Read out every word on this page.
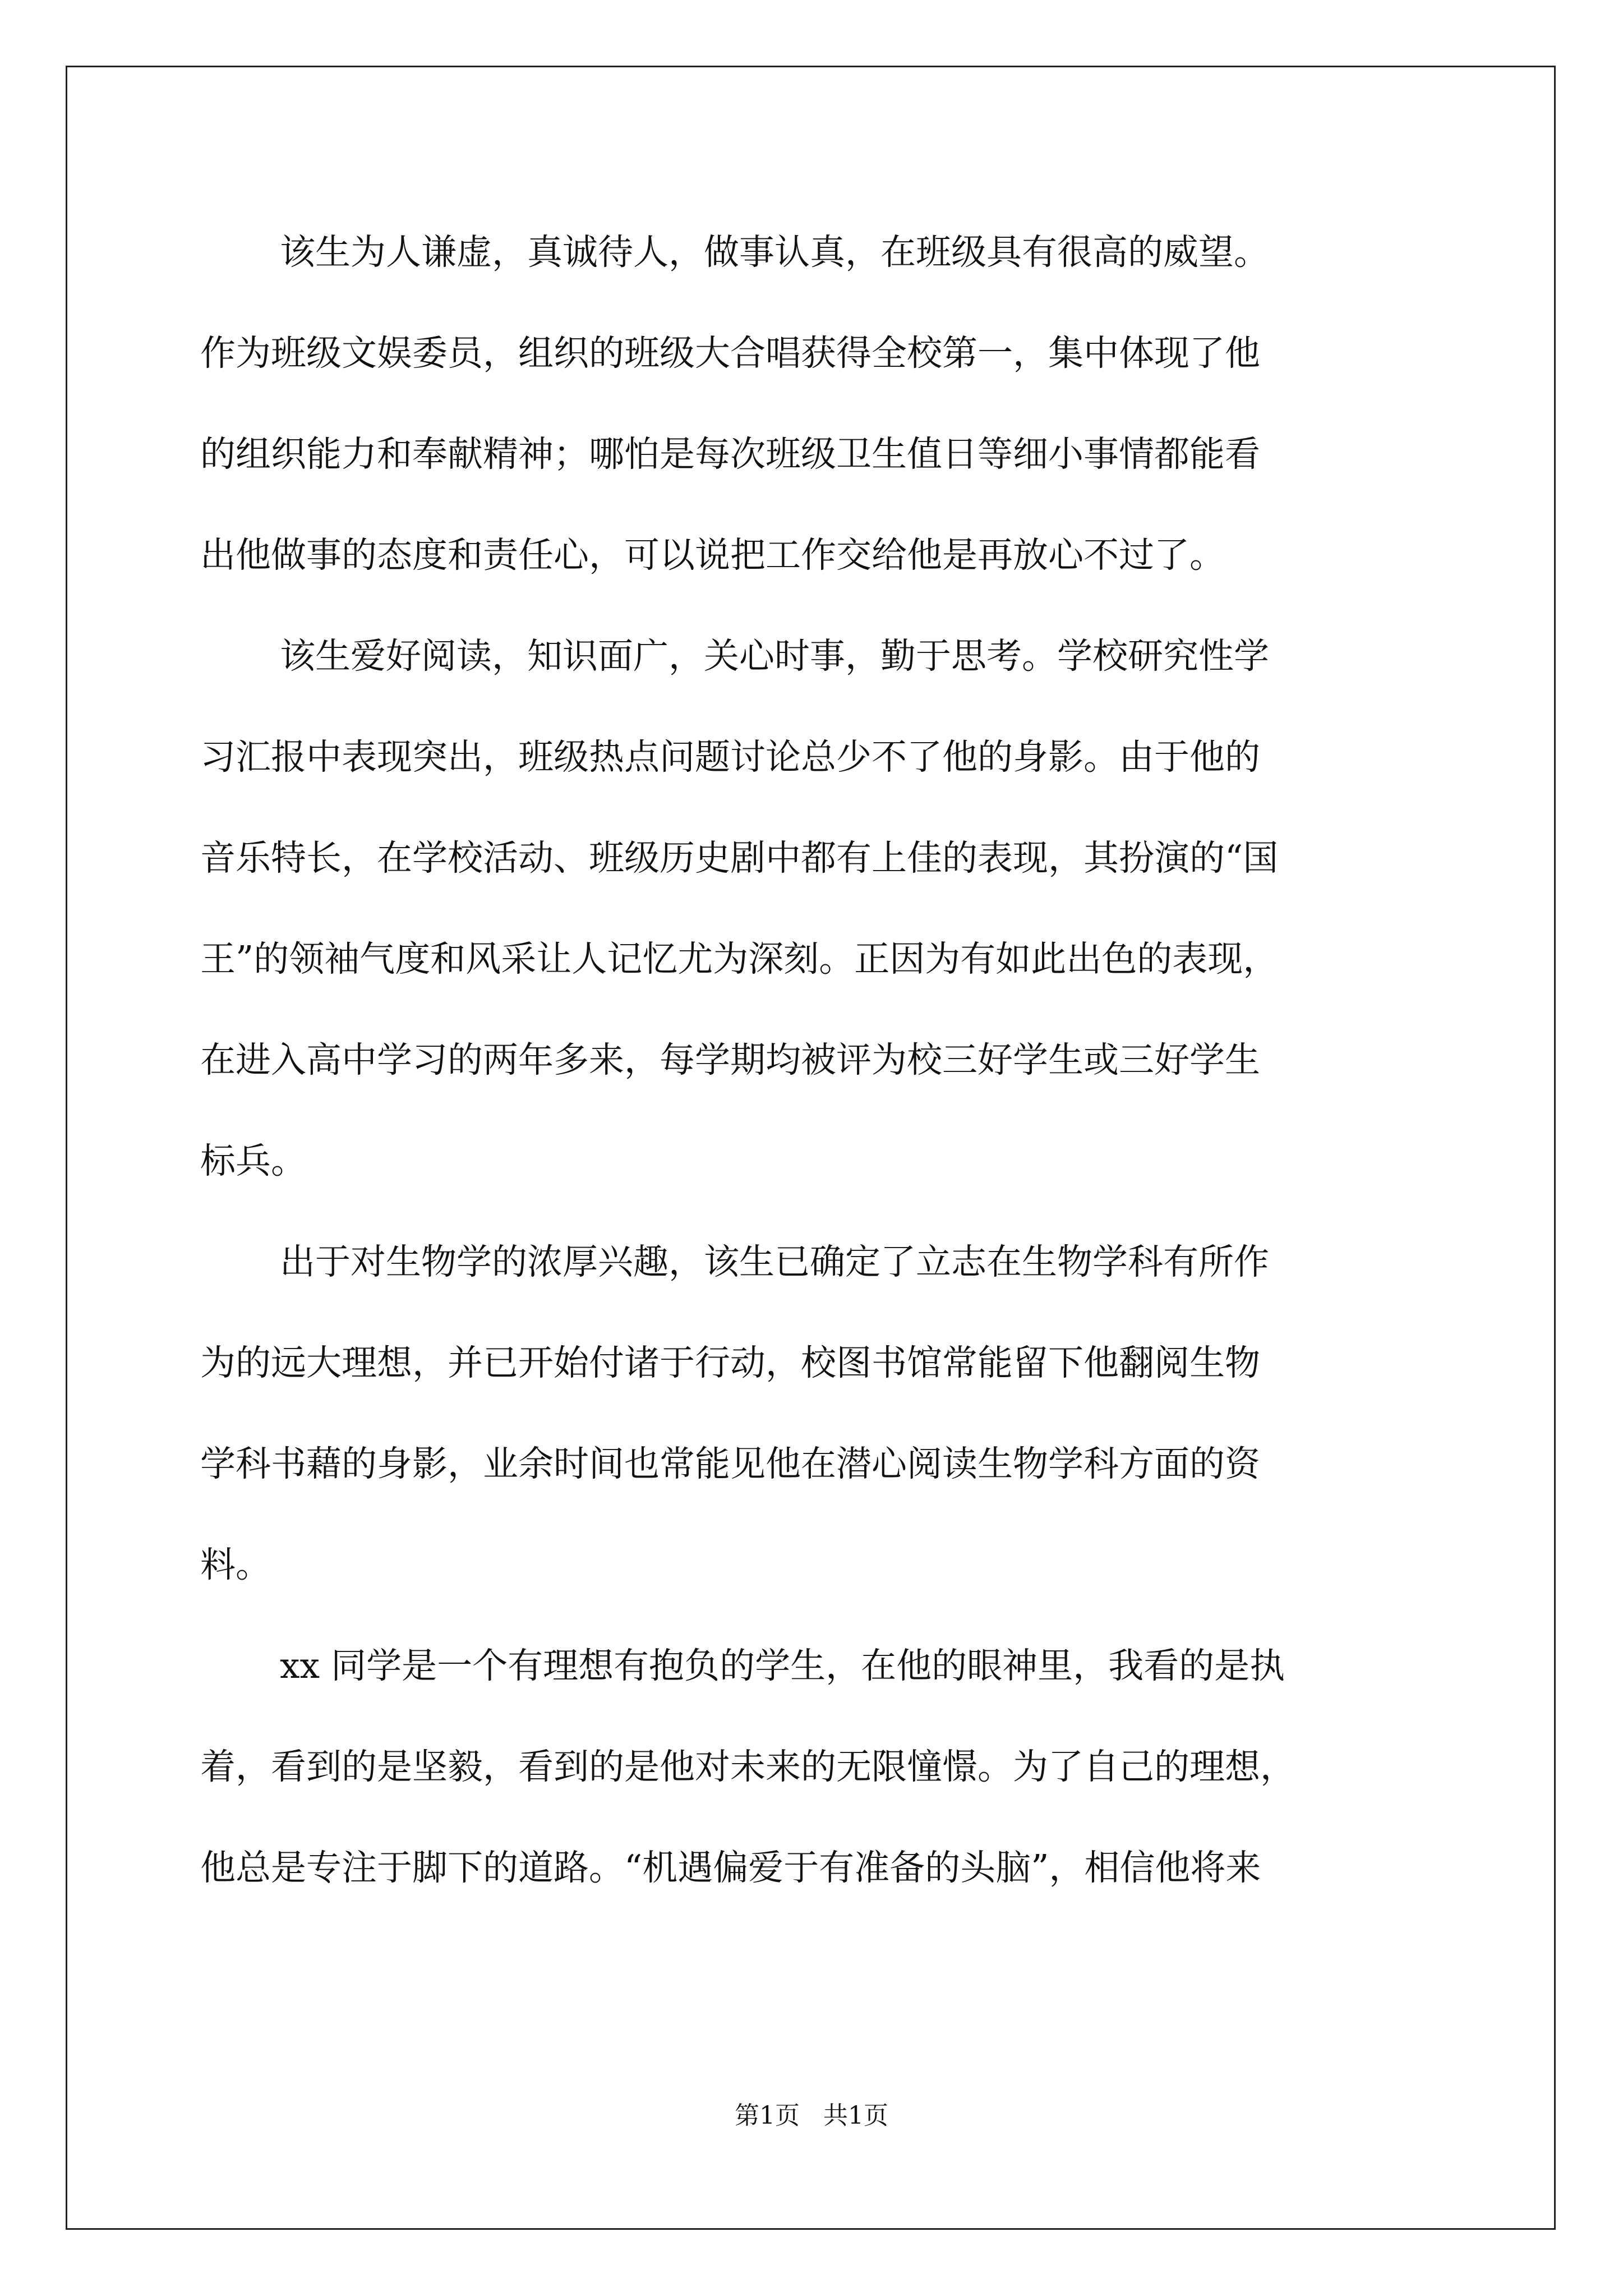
该生为人谦虚，真诚待人，做事认真，在班级具有很高的威望。
作为班级文娱委员，组织的班级大合唱获得全校第一，集中体现了他
的组织能力和奉献精神；哪怕是每次班级卫生值日等细小事情都能看
出他做事的态度和责任心，可以说把工作交给他是再放心不过了。
该生爱好阅读，知识面广，关心时事，勤于思考。学校研究性学
习汇报中表现突出，班级热点问题讨论总少不了他的身影。由于他的
音乐特长，在学校活动、班级历史剧中都有上佳的表现，其扮演的“国
王”的领袖气度和风采让人记忆尤为深刻。正因为有如此出色的表现，
在进入高中学习的两年多来，每学期均被评为校三好学生或三好学生
标兵。
出于对生物学的浓厚兴趣，该生已确定了立志在生物学科有所作
为的远大理想，并已开始付诸于行动，校图书馆常能留下他翻阅生物
学科书藉的身影，业余时间也常能见他在潜心阅读生物学科方面的资
料。
xx 同学是一个有理想有抱负的学生，在他的眼神里，我看的是执
着，看到的是坚毅，看到的是他对未来的无限憧憬。为了自己的理想，
他总是专注于脚下的道路。“机遇偏爱于有准备的头脑”，相信他将来
第1页   共1页
